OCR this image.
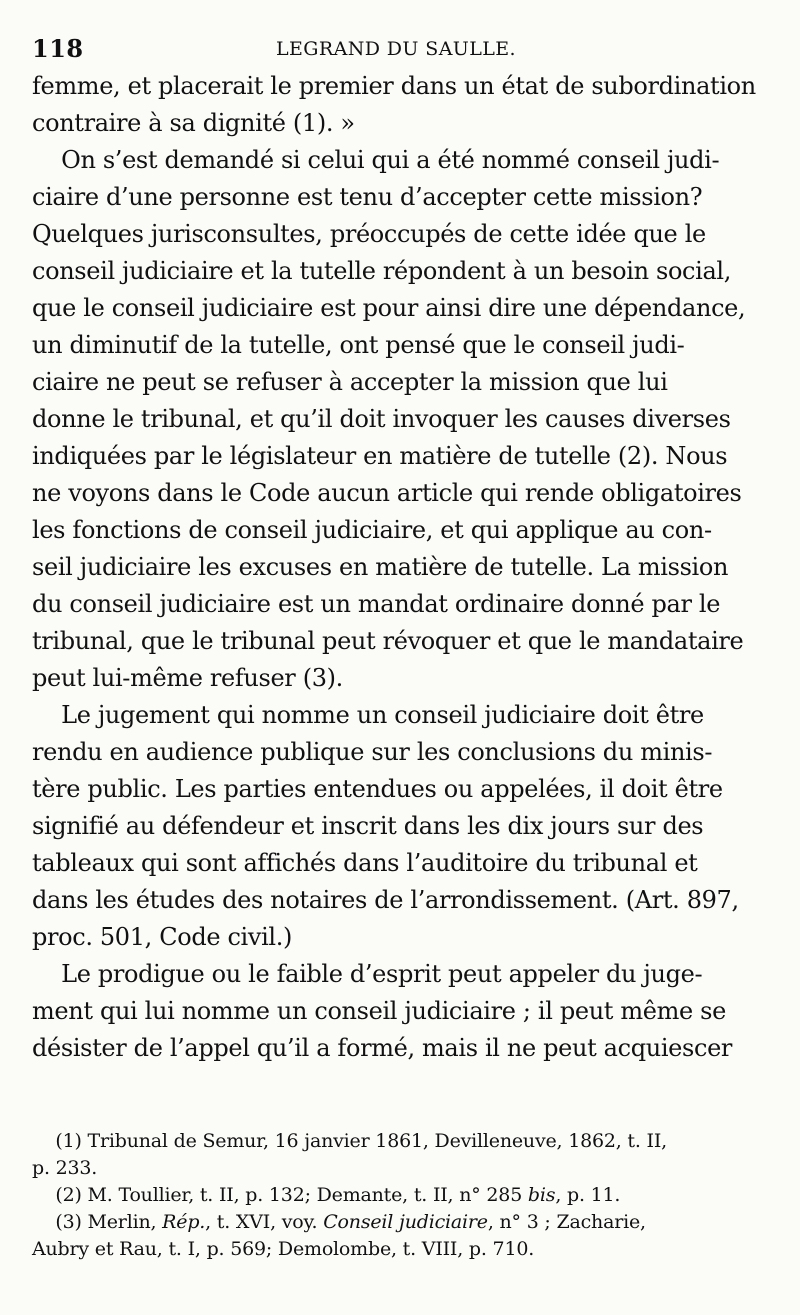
118	LEGRAND DU SAULLE.
femme, et placerait le premier dans un état de subordination
contraire à sa dignité (1). »
On s’est demandé si celui qui a été nommé conseil judi-
ciaire d’une personne est tenu d’accepter cette mission?
Quelques jurisconsultes, préoccupés de cette idée que le
conseil judiciaire et la tutelle répondent à un besoin social,
que le conseil judiciaire est pour ainsi dire une dépendance,
un diminutif de la tutelle, ont pensé que le conseil judi-
ciaire ne peut se refuser à accepter la mission que lui
donne le tribunal, et qu’il doit invoquer les causes diverses
indiquées par le législateur en matière de tutelle (2). Nous
ne voyons dans le Code aucun article qui rende obligatoires
les fonctions de conseil judiciaire, et qui applique au con-
seil judiciaire les excuses en matière de tutelle. La mission
du conseil judiciaire est un mandat ordinaire donné par le
tribunal, que le tribunal peut révoquer et que le mandataire
peut lui-même refuser (3).
Le jugement qui nomme un conseil judiciaire doit être
rendu en audience publique sur les conclusions du minis-
tère public. Les parties entendues ou appelées, il doit être
signifié au défendeur et inscrit dans les dix jours sur des
tableaux qui sont affichés dans l’auditoire du tribunal et
dans les études des notaires de l’arrondissement. (Art. 897,
proc. 501, Code civil.)
Le prodigue ou le faible d’esprit peut appeler du juge-
ment qui lui nomme un conseil judiciaire ; il peut même se
désister de l’appel qu’il a formé, mais il ne peut acquiescer
(1) Tribunal de Semur, 16 janvier 1861, Devilleneuve, 1862, t. II,
p. 233.
(2) M. Toullier, t. II, p. 132; Demante, t. II, n° 285 bis, p. 11.
(3) Merlin, Rép., t. XVI, voy. Conseil judiciaire, n° 3 ; Zacharie,
Aubry et Rau, t. I, p. 569; Demolombe, t. VIII, p. 710.
